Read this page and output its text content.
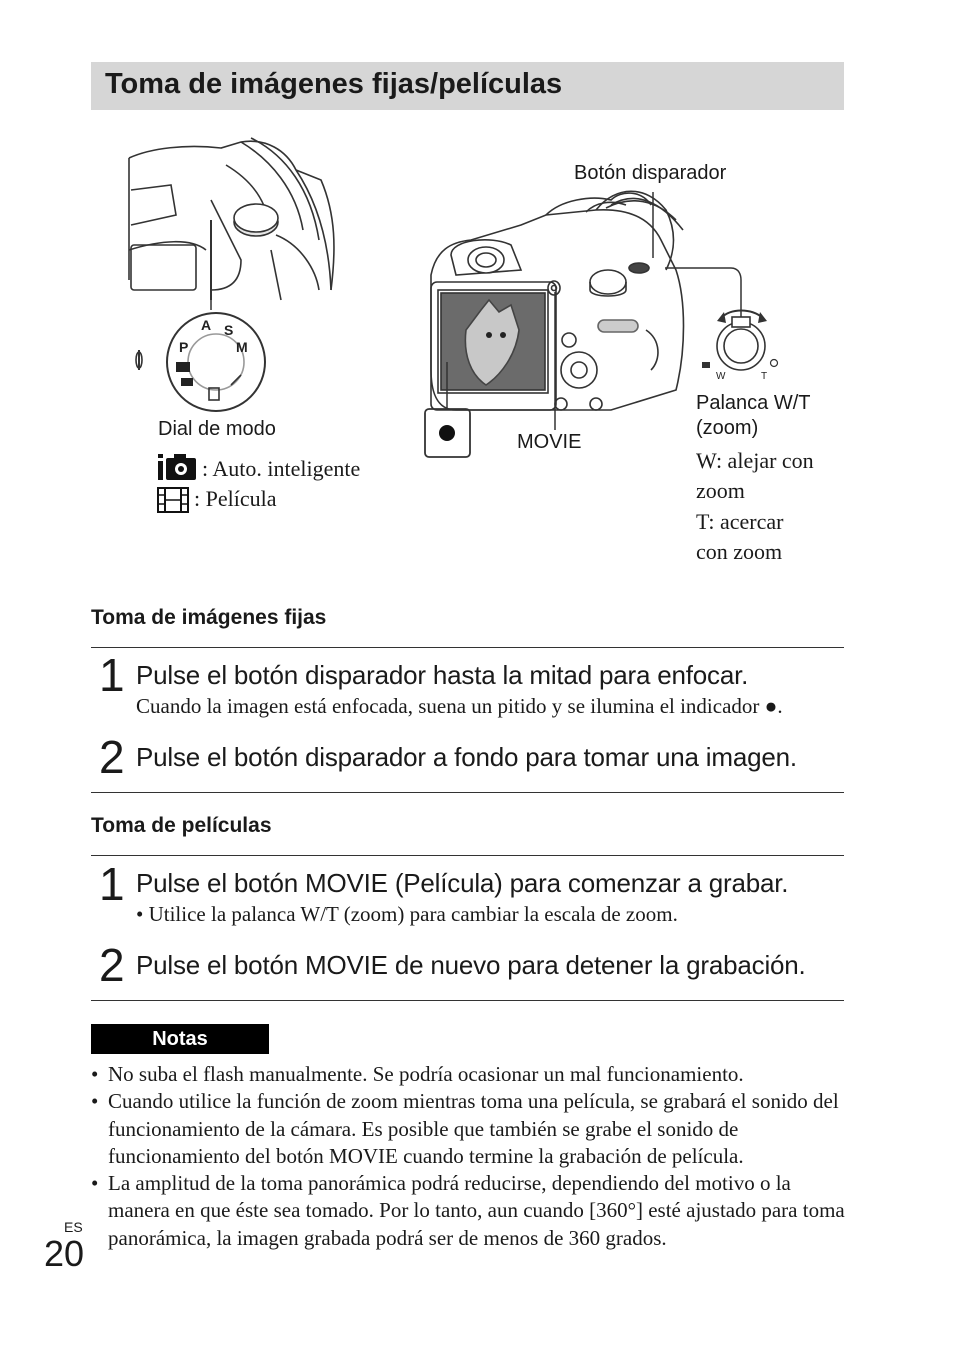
Toma de imágenes fijas/películas
P
A S
M
W	T
Botón disparador
Dial de modo
: Auto. inteligente
: Película
MOVIE
Palanca W/T
(zoom)
W: alejar con
zoom
T: acercar
con zoom
Toma de imágenes fijas
1 Pulse el botón disparador hasta la mitad para enfocar.
Cuando la imagen está enfocada, suena un pitido y se ilumina el indicador ●.
2 Pulse el botón disparador a fondo para tomar una imagen.
Toma de películas
1 Pulse el botón MOVIE (Película) para comenzar a grabar.
• Utilice la palanca W/T (zoom) para cambiar la escala de zoom.
2 Pulse el botón MOVIE de nuevo para detener la grabación.
Notas
• No suba el flash manualmente. Se podría ocasionar un mal funcionamiento.
• Cuando utilice la función de zoom mientras toma una película, se grabará el sonido del funcionamiento de la cámara. Es posible que también se grabe el sonido de funcionamiento del botón MOVIE cuando termine la grabación de película.
• La amplitud de la toma panorámica podrá reducirse, dependiendo del motivo o la manera en que éste sea tomado. Por lo tanto, aun cuando [360°] esté ajustado para toma panorámica, la imagen grabada podrá ser de menos de 360 grados.
ES
20
